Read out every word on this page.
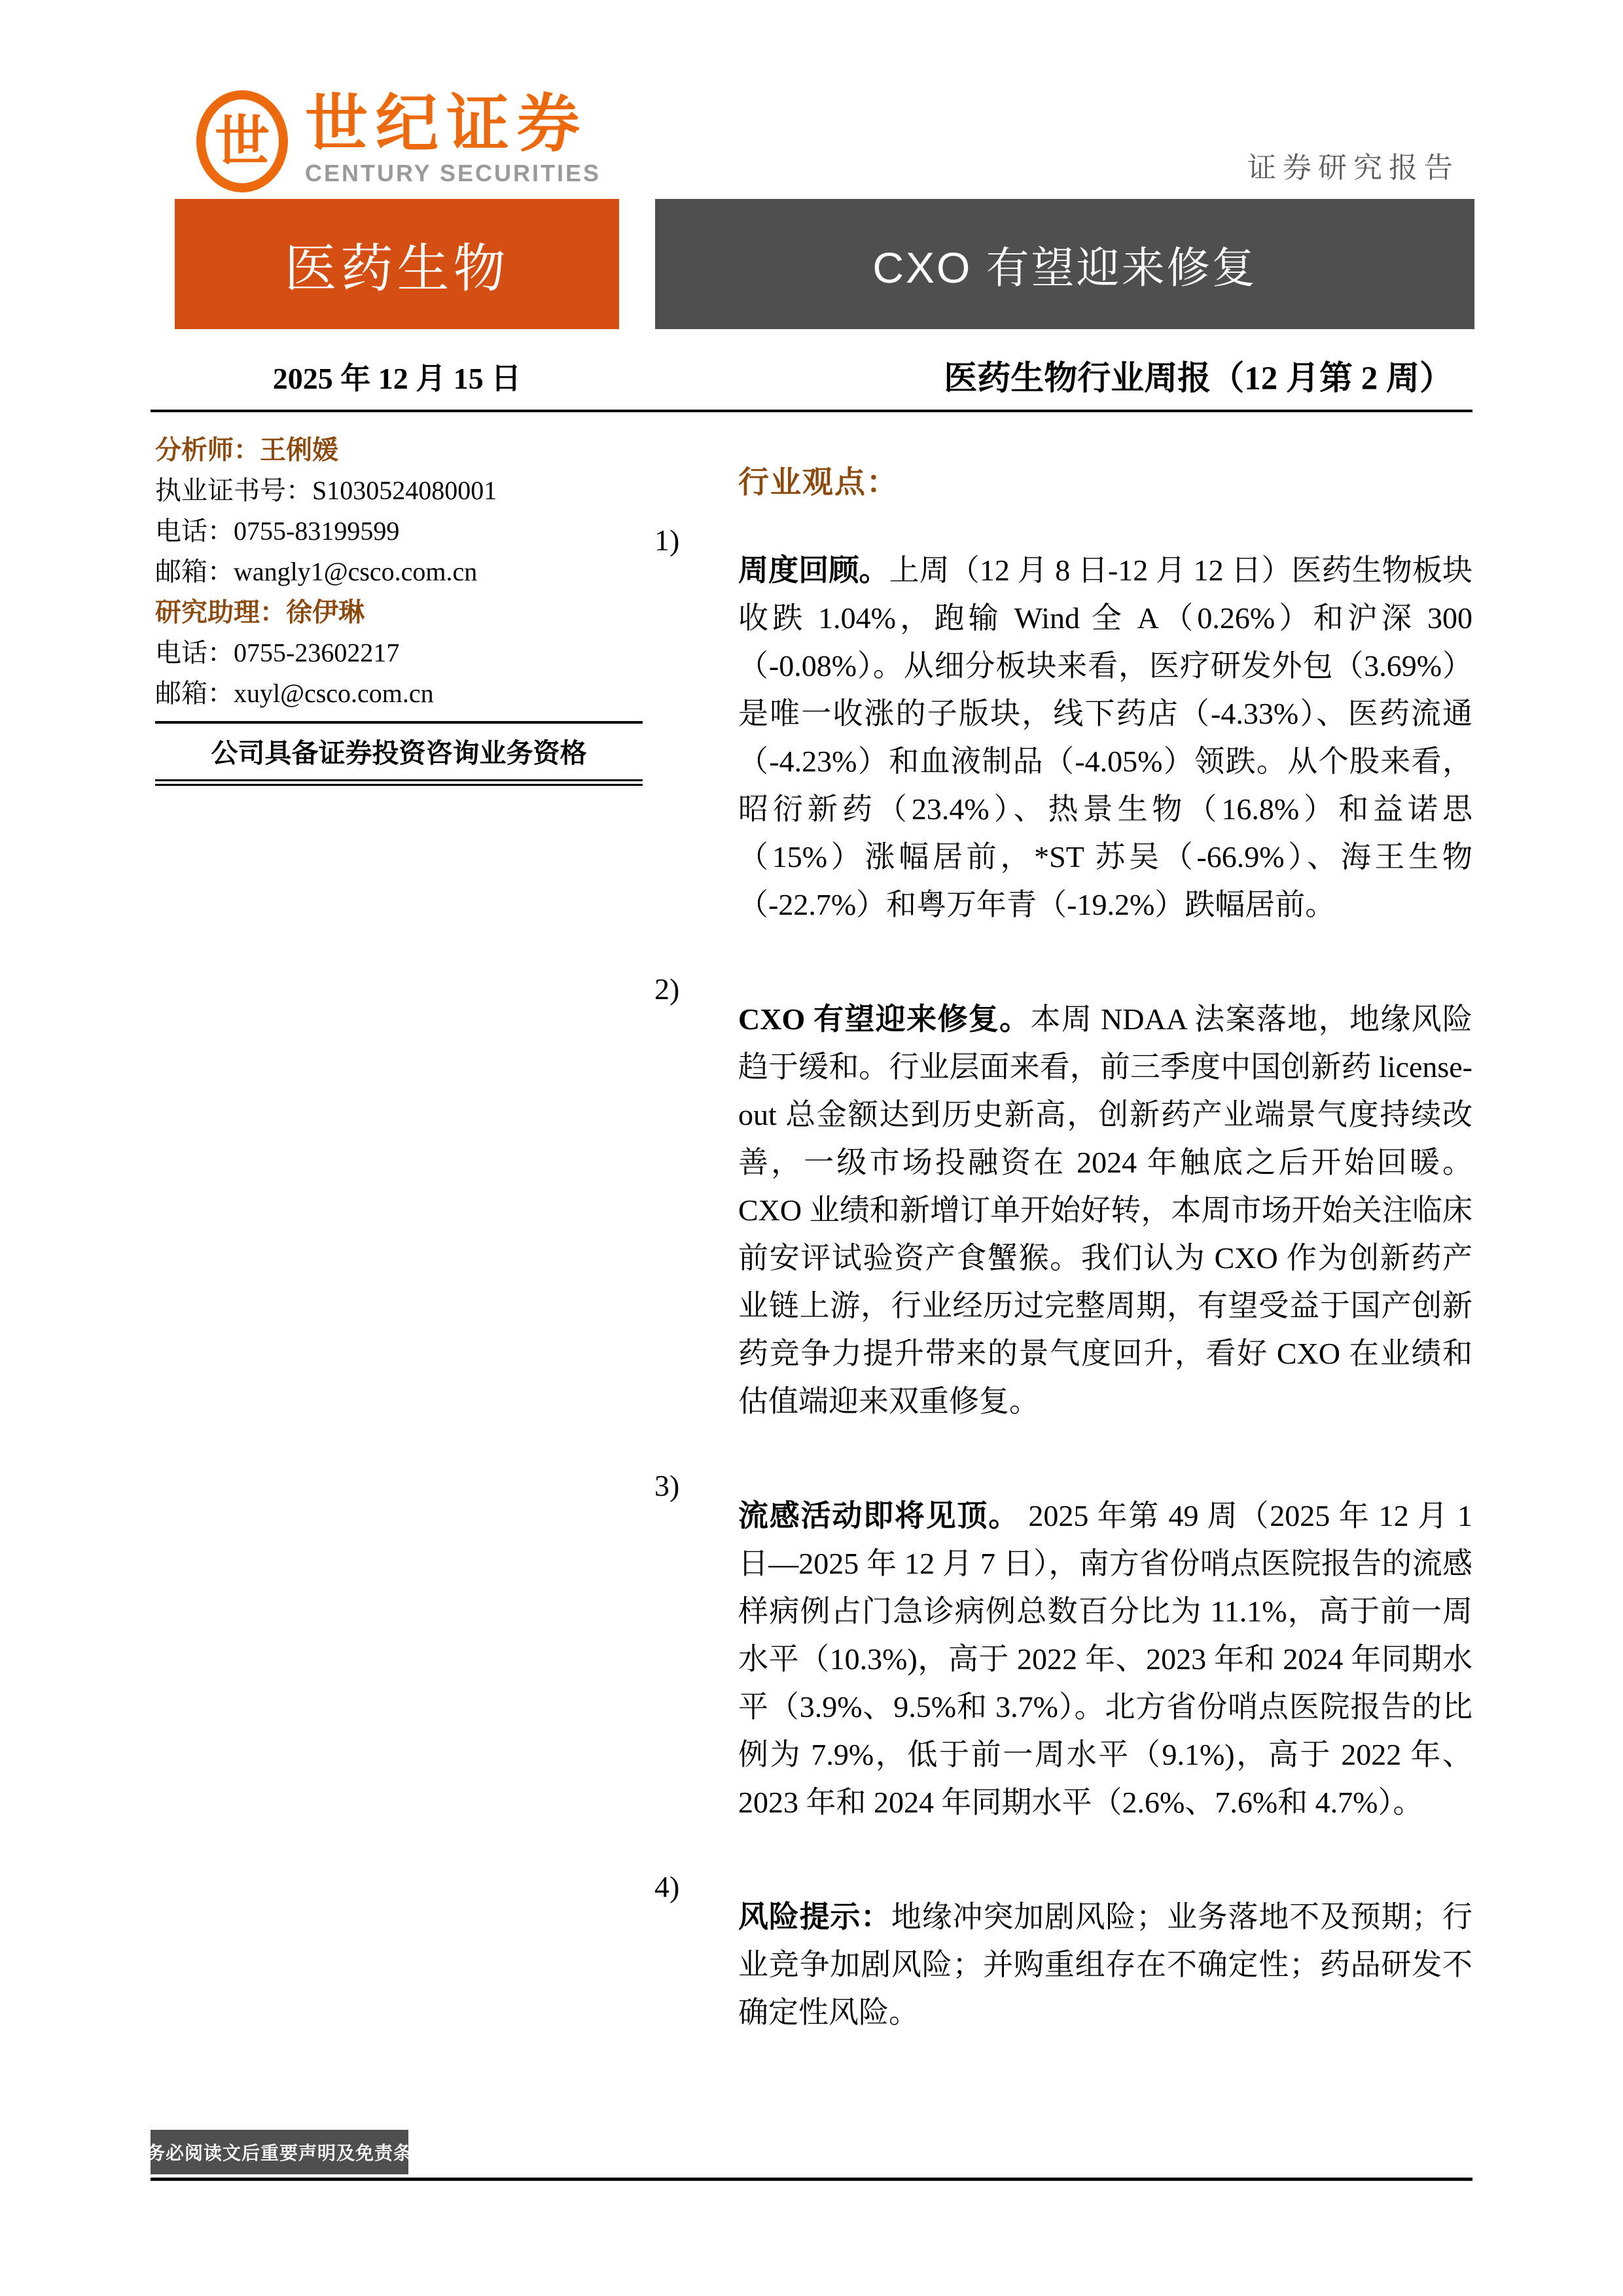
世 世纪证券
CENTURY SECURITIES	证券研究报告
医药生物	CXO 有望迎来修复
2025 年 12 月 15 日	医药生物行业周报（12 月第 2 周）
分析师：王俐媛
执业证书号：S1030524080001
电话：0755-83199599
邮箱：wangly1@csco.com.cn
研究助理：徐伊琳
电话：0755-23602217
邮箱：xuyl@csco.com.cn
公司具备证券投资咨询业务资格
行业观点：
1)

周度回顾。上周（12 月 8 日-12 月 12 日）医药生物板块收跌 1.04%，跑输 Wind 全 A（0.26%）和沪深 300（-0.08%）。从细分板块来看，医疗研发外包（3.69%）是唯一收涨的子版块，线下药店（-4.33%）、医药流通（-4.23%）和血液制品（-4.05%）领跌。从个股来看，昭衍新药（23.4%）、热景生物（16.8%）和益诺思（15%）涨幅居前，*ST 苏吴（-66.9%）、海王生物（-22.7%）和粤万年青（-19.2%）跌幅居前。

2)

CXO 有望迎来修复。本周 NDAA 法案落地，地缘风险趋于缓和。行业层面来看，前三季度中国创新药 license-out 总金额达到历史新高，创新药产业端景气度持续改善，一级市场投融资在 2024 年触底之后开始回暖。CXO 业绩和新增订单开始好转，本周市场开始关注临床前安评试验资产食蟹猴。我们认为 CXO 作为创新药产业链上游，行业经历过完整周期，有望受益于国产创新药竞争力提升带来的景气度回升，看好 CXO 在业绩和估值端迎来双重修复。

3)

流感活动即将见顶。 2025 年第 49 周（2025 年 12 月 1 日—2025 年 12 月 7 日），南方省份哨点医院报告的流感样病例占门急诊病例总数百分比为 11.1%，高于前一周水平（10.3%)，高于 2022 年、2023 年和 2024 年同期水平（3.9%、9.5%和 3.7%）。北方省份哨点医院报告的比例为 7.9%，低于前一周水平（9.1%)，高于 2022 年、2023 年和 2024 年同期水平（2.6%、7.6%和 4.7%）。

4)

风险提示：地缘冲突加剧风险；业务落地不及预期；行业竞争加剧风险；并购重组存在不确定性；药品研发不确定性风险。

请务必阅读文后重要声明及免责条款
